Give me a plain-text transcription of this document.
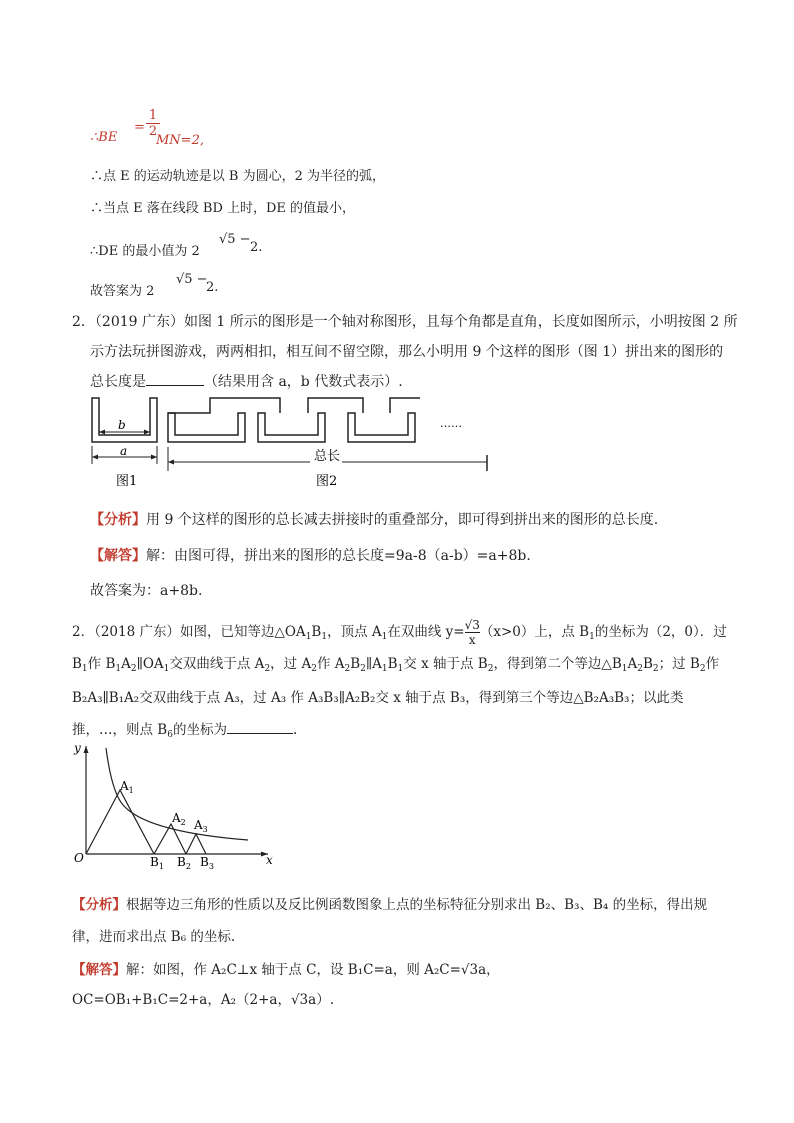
∴BE
=
1
2
MN=2,
∴点 E 的运动轨迹是以 B 为圆心，2 为半径的弧，
∴当点 E 落在线段 BD 上时，DE 的值最小，
∴DE 的最小值为 2
√5 −
2.
故答案为 2
√5 −
2.
2．（2019 广东）如图 1 所示的图形是一个轴对称图形，且每个角都是直角，长度如图所示，小明按图 2 所
示方法玩拼图游戏，两两相扣，相互间不留空隙，那么小明用 9 个这样的图形（图 1）拼出来的图形的
总长度是	（结果用含 a，b 代数式表示）.
b
a
图1
总长
图2
……
【分析】用 9 个这样的图形的总长减去拼接时的重叠部分，即可得到拼出来的图形的总长度.
【解答】解：由图可得，拼出来的图形的总长度=9a-8（a-b）=a+8b.
故答案为：a+8b.
2．（2018 广东）如图，已知等边$\triangle OA_1B_1$，顶点 $A_1$在双曲线 $y= \frac{√3}{x} (x>0)$上，点 $B_1$的坐标为（2，0）．过
$B_1$作 $B_1A_2\parallel OA_1$交双曲线于点 $A_2$，过 $A_2$作 $A_2B_2\parallel A_1B_1$交 x 轴于点 $B_2$，得到第二个等边$\triangle B_1A_2B_2$；过 $B_2$作
B₂A₃∥B₁A₂交双曲线于点 A₃，过 A₃ 作 A₃B₃∥A₂B₂交 x 轴于点 B₃，得到第三个等边△B₂A₃B₃；以此类
推，…，则点 $B_6$的坐标为	.
y
x
O
$A_1$
$A_2$ $A_3$
$B_1$ $B_2$ $B_3$
【分析】根据等边三角形的性质以及反比例函数图象上点的坐标特征分别求出 B₂、B₃、B₄ 的坐标，得出规
律，进而求出点 B₆ 的坐标.
【解答】解：如图，作 A₂C⊥x 轴于点 C，设 B₁C=a，则 A₂C=√3a，
OC=OB₁+B₁C=2+a，A₂（2+a，√3a）.
